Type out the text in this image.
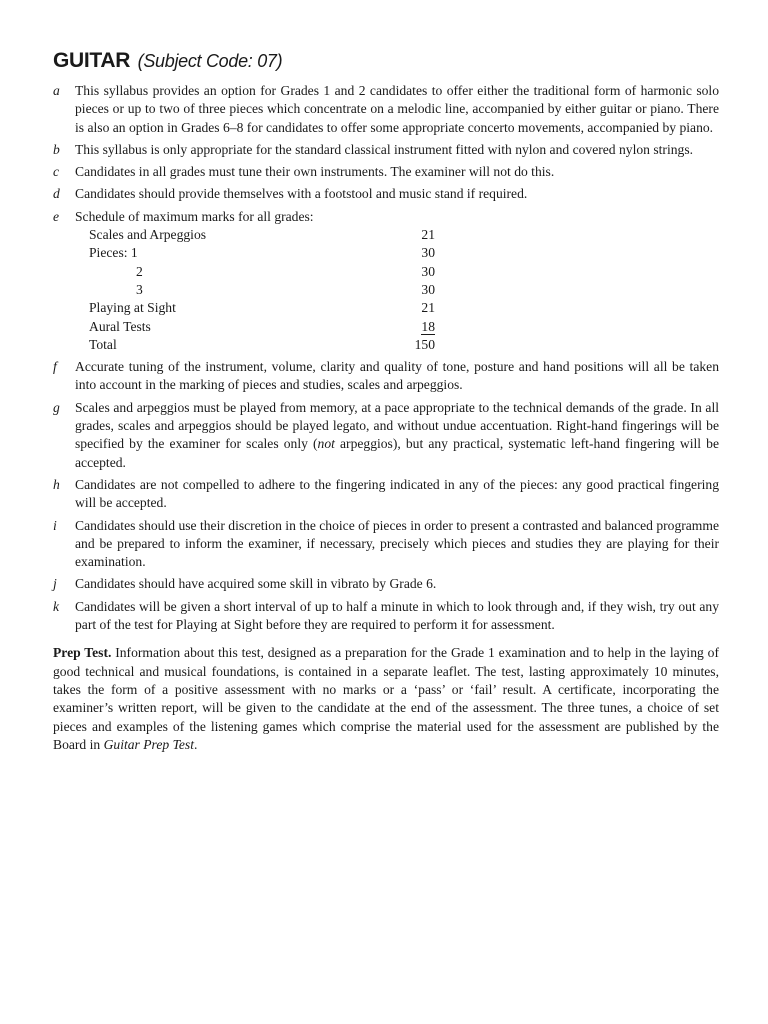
GUITAR (Subject Code: 07)
a This syllabus provides an option for Grades 1 and 2 candidates to offer either the traditional form of harmonic solo pieces or up to two of three pieces which concentrate on a melodic line, accompanied by either guitar or piano. There is also an option in Grades 6–8 for candidates to offer some appropriate concerto movements, accompanied by piano.

b This syllabus is only appropriate for the standard classical instrument fitted with nylon and covered nylon strings.

c Candidates in all grades must tune their own instruments. The examiner will not do this.

d Candidates should provide themselves with a footstool and music stand if required.

e Schedule of maximum marks for all grades:

Scales and Arpeggios	21
Pieces: 1	30
2	30
3	30
Playing at Sight	21
Aural Tests	18
Total	150
f Accurate tuning of the instrument, volume, clarity and quality of tone, posture and hand positions will all be taken into account in the marking of pieces and studies, scales and arpeggios.

g Scales and arpeggios must be played from memory, at a pace appropriate to the technical demands of the grade. In all grades, scales and arpeggios should be played legato, and without undue accentuation. Right-hand fingerings will be specified by the examiner for scales only (not arpeggios), but any practical, systematic left-hand fingering will be accepted.

h Candidates are not compelled to adhere to the fingering indicated in any of the pieces: any good practical fingering will be accepted.

i Candidates should use their discretion in the choice of pieces in order to present a contrasted and balanced programme and be prepared to inform the examiner, if necessary, precisely which pieces and studies they are playing for their examination.

j Candidates should have acquired some skill in vibrato by Grade 6.

k Candidates will be given a short interval of up to half a minute in which to look through and, if they wish, try out any part of the test for Playing at Sight before they are required to perform it for assessment.

Prep Test. Information about this test, designed as a preparation for the Grade 1 examination and to help in the laying of good technical and musical foundations, is contained in a separate leaflet. The test, lasting approximately 10 minutes, takes the form of a positive assessment with no marks or a ‘pass’ or ‘fail’ result. A certificate, incorporating the examiner’s written report, will be given to the candidate at the end of the assessment. The three tunes, a choice of set pieces and examples of the listening games which comprise the material used for the assessment are published by the Board in Guitar Prep Test.
